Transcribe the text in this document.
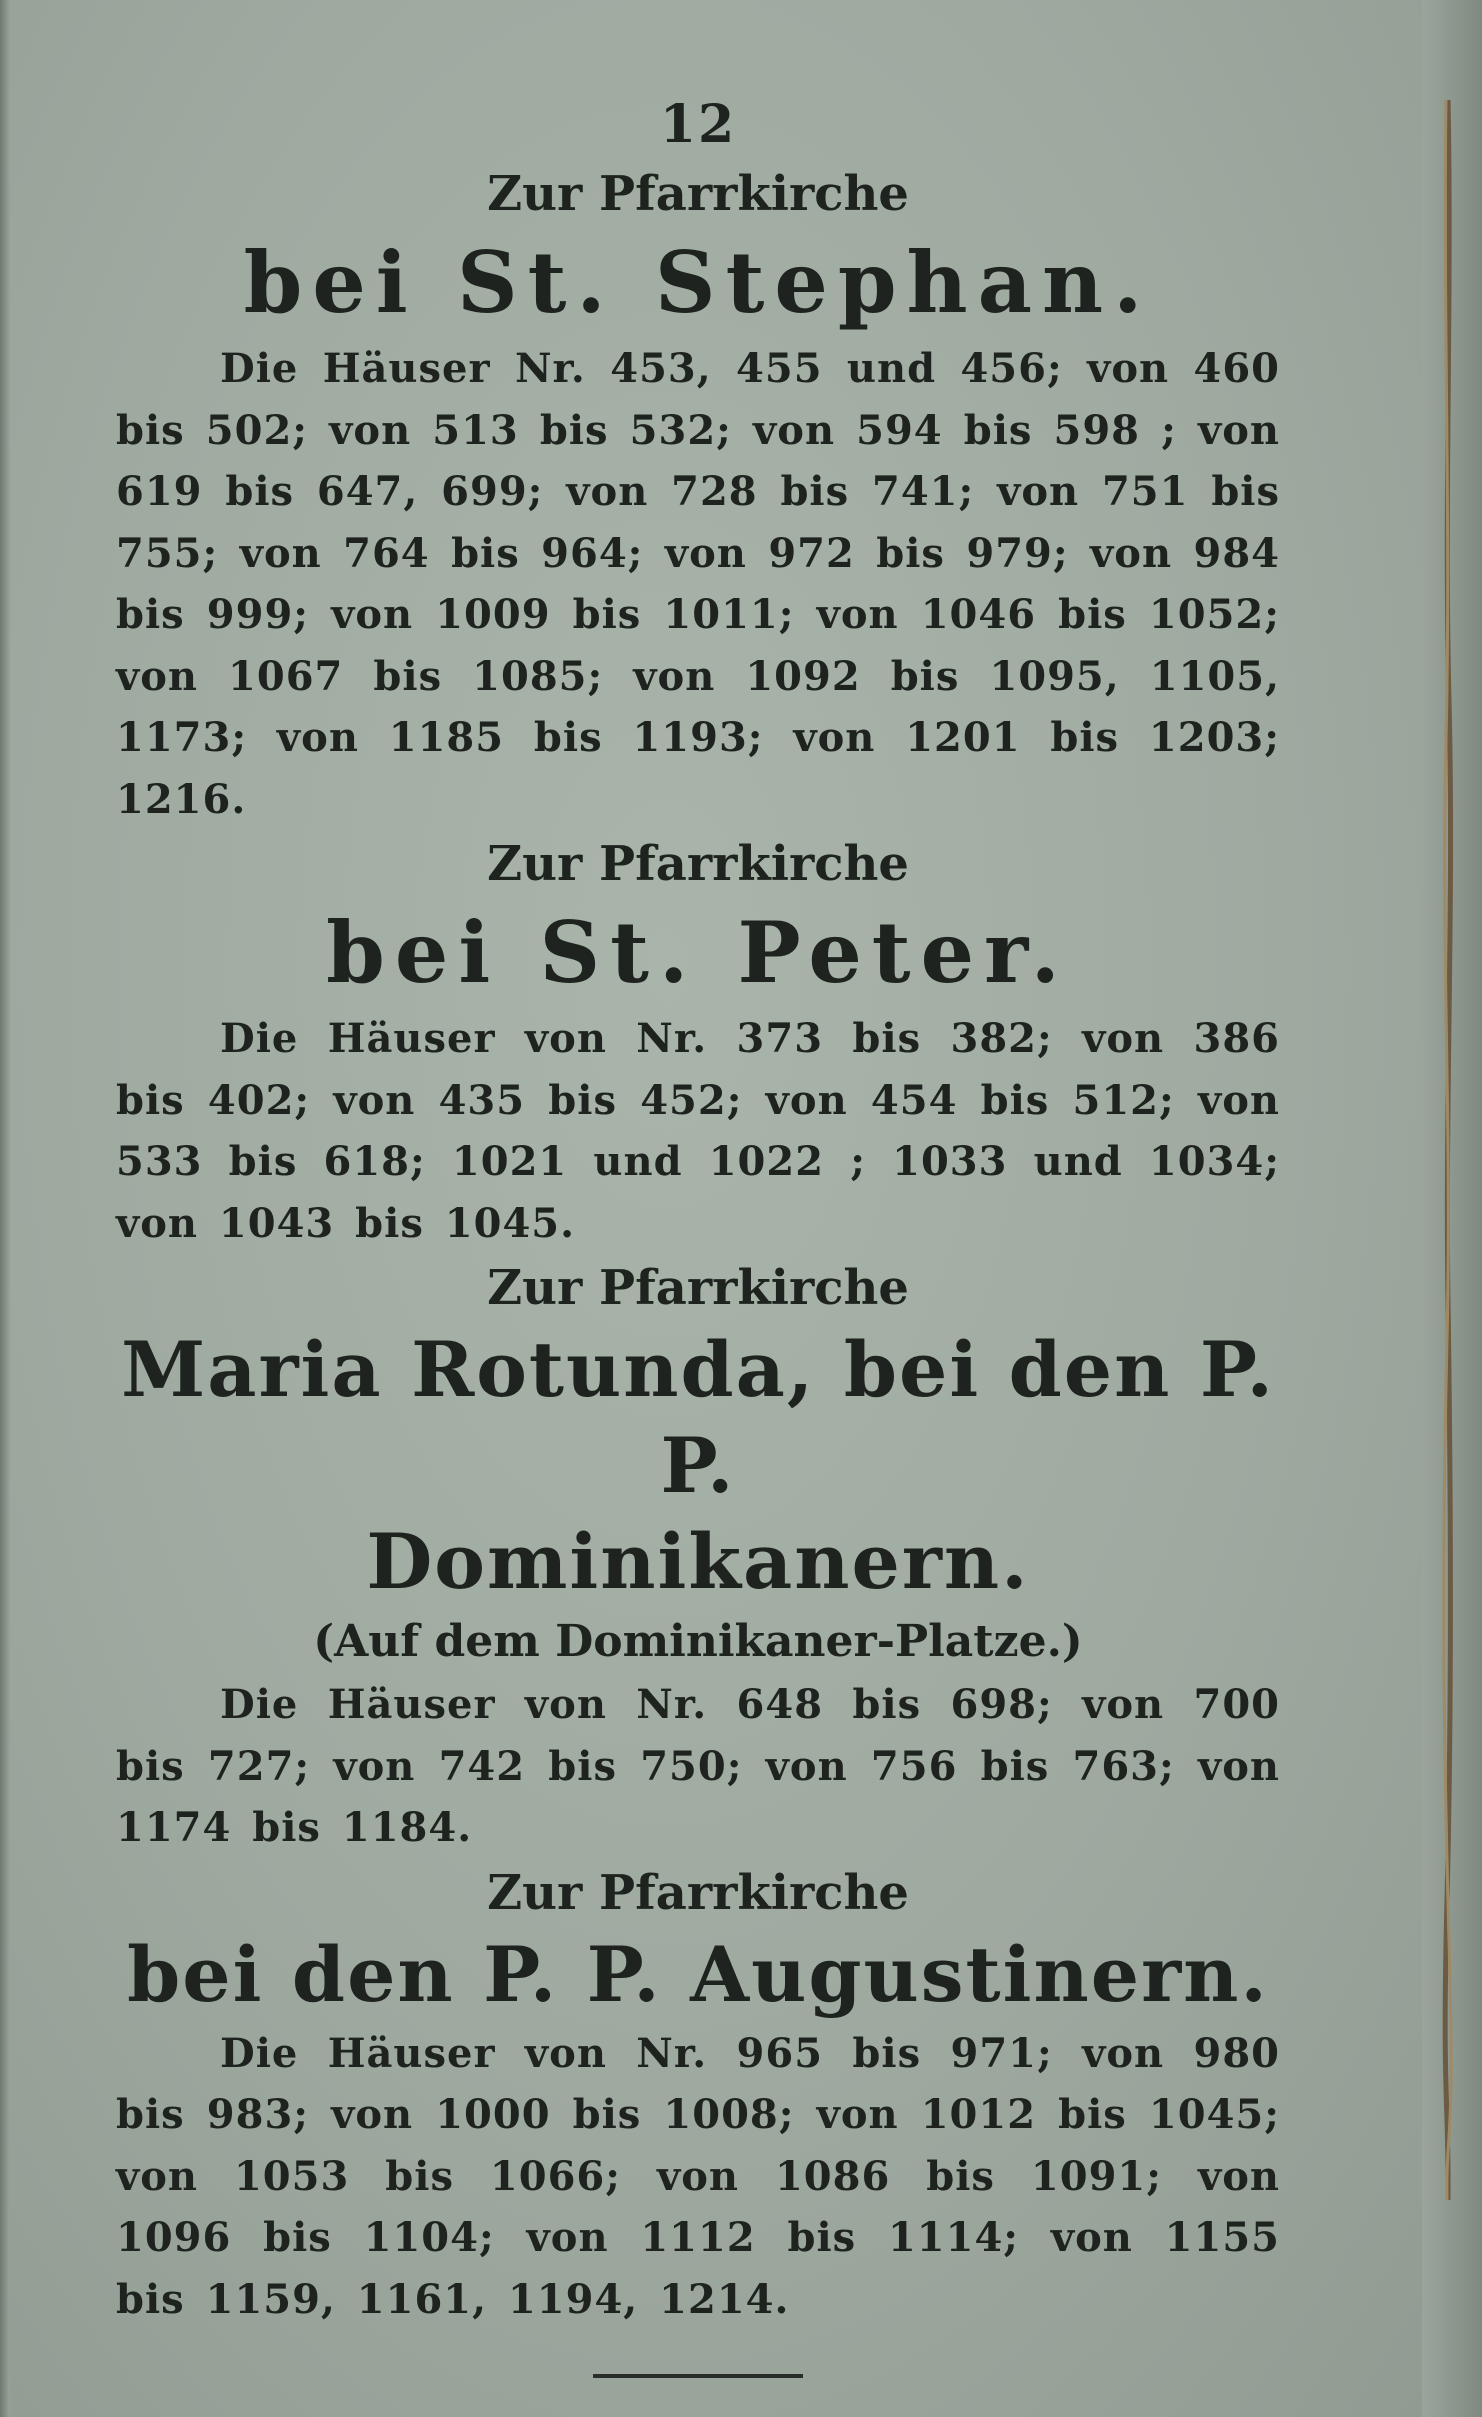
12
Zur Pfarrkirche
bei St. Stephan.
Die Häuser Nr. 453, 455 und 456; von 460 bis 502; von 513 bis 532; von 594 bis 598 ; von 619 bis 647, 699; von 728 bis 741; von 751 bis 755; von 764 bis 964; von 972 bis 979; von 984 bis 999; von 1009 bis 1011; von 1046 bis 1052; von 1067 bis 1085; von 1092 bis 1095, 1105, 1173; von 1185 bis 1193; von 1201 bis 1203; 1216.
Zur Pfarrkirche
bei St. Peter.
Die Häuser von Nr. 373 bis 382; von 386 bis 402; von 435 bis 452; von 454 bis 512; von 533 bis 618; 1021 und 1022 ; 1033 und 1034; von 1043 bis 1045.
Zur Pfarrkirche
Maria Rotunda, bei den P. P.
Dominikanern.
(Auf dem Dominikaner-Platze.)
Die Häuser von Nr. 648 bis 698; von 700 bis 727; von 742 bis 750; von 756 bis 763; von 1174 bis 1184.
Zur Pfarrkirche
bei den P. P. Augustinern.
Die Häuser von Nr. 965 bis 971; von 980 bis 983; von 1000 bis 1008; von 1012 bis 1045; von 1053 bis 1066; von 1086 bis 1091; von 1096 bis 1104; von 1112 bis 1114; von 1155 bis 1159, 1161, 1194, 1214.
